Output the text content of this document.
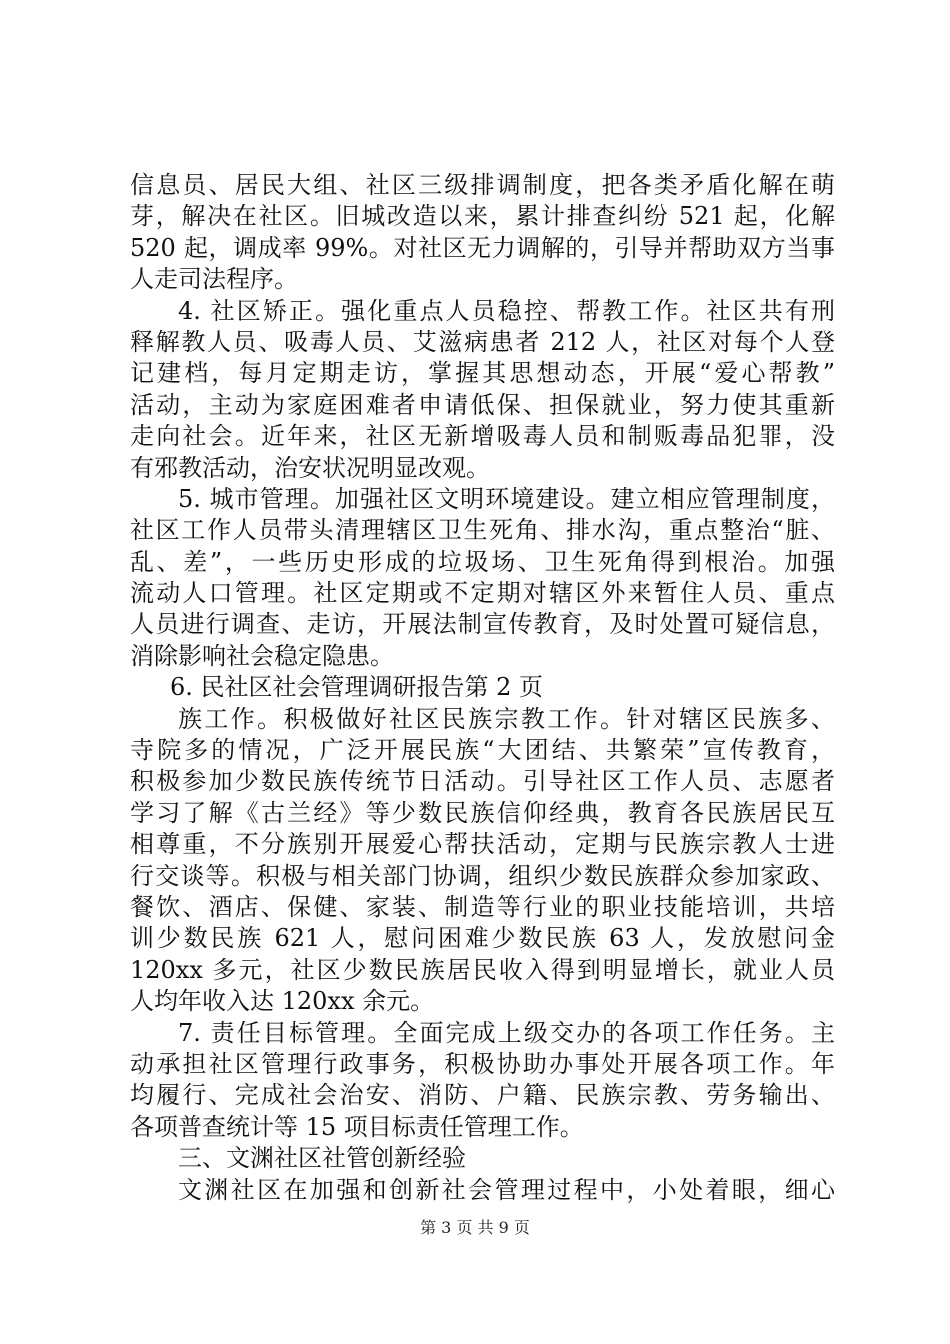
信息员、居民大组、社区三级排调制度，把各类矛盾化解在萌
芽，解决在社区。旧城改造以来，累计排查纠纷 521 起，化解
520 起，调成率 99%。对社区无力调解的，引导并帮助双方当事
人走司法程序。
4. 社区矫正。强化重点人员稳控、帮教工作。社区共有刑
释解教人员、吸毒人员、艾滋病患者 212 人，社区对每个人登
记建档，每月定期走访，掌握其思想动态，开展“爱心帮教”
活动，主动为家庭困难者申请低保、担保就业，努力使其重新
走向社会。近年来，社区无新增吸毒人员和制贩毒品犯罪，没
有邪教活动，治安状况明显改观。
5. 城市管理。加强社区文明环境建设。建立相应管理制度，
社区工作人员带头清理辖区卫生死角、排水沟，重点整治“脏、
乱、差”，一些历史形成的垃圾场、卫生死角得到根治。加强
流动人口管理。社区定期或不定期对辖区外来暂住人员、重点
人员进行调查、走访，开展法制宣传教育，及时处置可疑信息，
消除影响社会稳定隐患。
6. 民社区社会管理调研报告第 2 页
族工作。积极做好社区民族宗教工作。针对辖区民族多、
寺院多的情况，广泛开展民族“大团结、共繁荣”宣传教育，
积极参加少数民族传统节日活动。引导社区工作人员、志愿者
学习了解《古兰经》等少数民族信仰经典，教育各民族居民互
相尊重，不分族别开展爱心帮扶活动，定期与民族宗教人士进
行交谈等。积极与相关部门协调，组织少数民族群众参加家政、
餐饮、酒店、保健、家装、制造等行业的职业技能培训，共培
训少数民族 621 人，慰问困难少数民族 63 人，发放慰问金
120xx 多元，社区少数民族居民收入得到明显增长，就业人员
人均年收入达 120xx 余元。
7. 责任目标管理。全面完成上级交办的各项工作任务。主
动承担社区管理行政事务，积极协助办事处开展各项工作。年
均履行、完成社会治安、消防、户籍、民族宗教、劳务输出、
各项普查统计等 15 项目标责任管理工作。
三、文渊社区社管创新经验
文渊社区在加强和创新社会管理过程中，小处着眼，细心
第 3 页 共 9 页
